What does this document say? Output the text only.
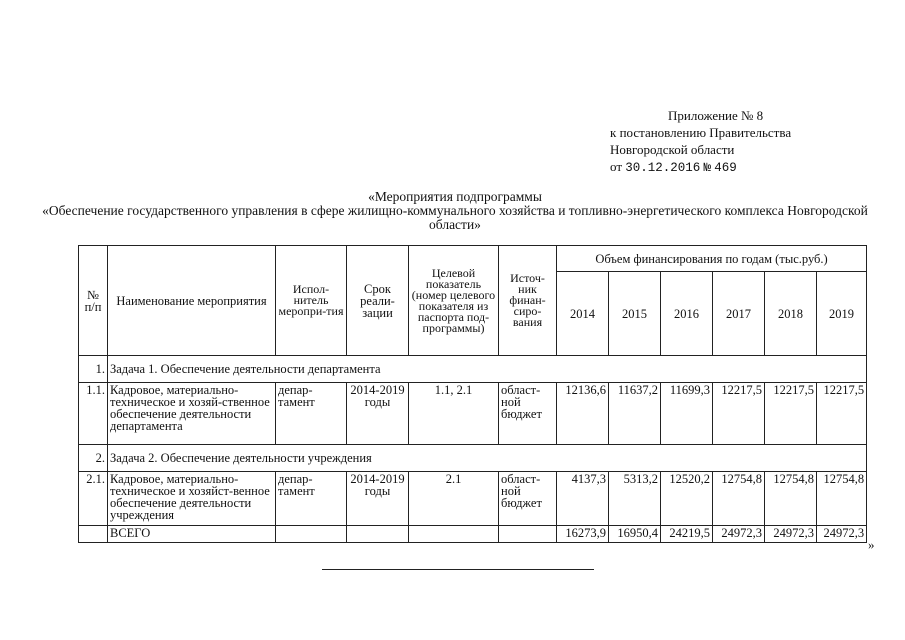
Приложение № 8
к постановлению Правительства
Новгородской области
от 30.12.2016 № 469
«Мероприятия подпрограммы
«Обеспечение государственного управления в сфере жилищно-коммунального хозяйства и топливно-энергетического комплекса Новгородской области»
№ п/п	Наименование мероприятия	Испол-нитель меропри-тия	Срок реали-зации	Целевой показатель (номер целевого показателя из паспорта под-программы)	Источ-ник финан-сиро-вания	Объем финансирования по годам (тыс.руб.)					
						2014	2015	2016	2017	2018	2019
1.	Задача 1. Обеспечение деятельности департамента										
1.1.	Кадровое, материально-техническое и хозяй-ственное обеспечение деятельности департамента	депар-тамент	2014-2019 годы	1.1, 2.1	област-ной бюджет	12136,6	11637,2	11699,3	12217,5	12217,5	12217,5
2.	Задача 2. Обеспечение деятельности учреждения										
2.1.	Кадровое, материально-техническое и хозяйст-венное обеспечение деятельности учреждения	депар-тамент	2014-2019 годы	2.1	област-ной бюджет	4137,3	5313,2	12520,2	12754,8	12754,8	12754,8
	ВСЕГО					16273,9	16950,4	24219,5	24972,3	24972,3	24972,3
»
